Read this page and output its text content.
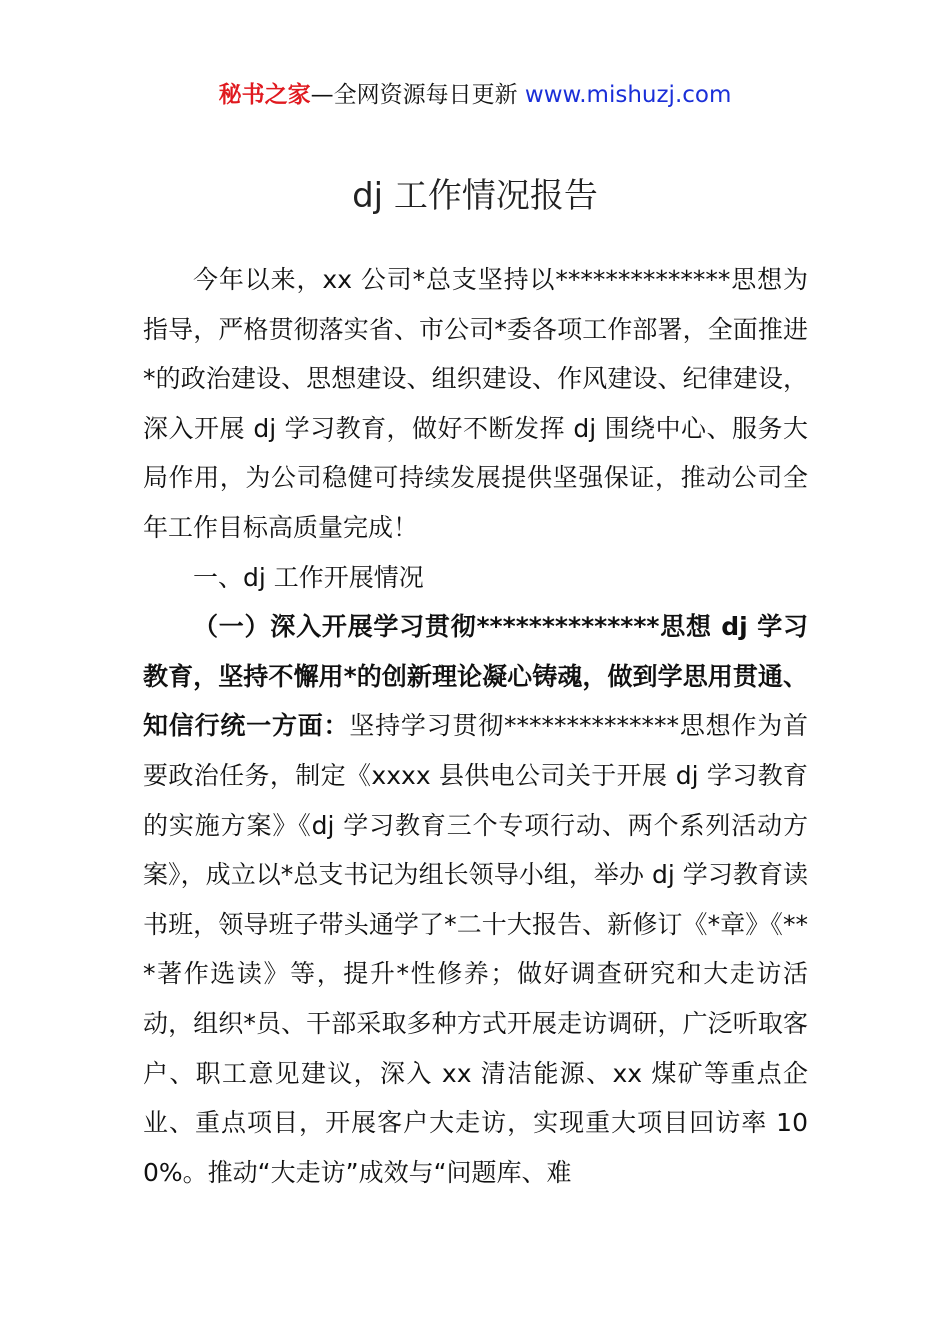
秘书之家—全网资源每日更新 www.mishuzj.com
dj 工作情况报告

今年以来，xx 公司*总支坚持以**************思想为指导，严格贯彻落实省、市公司*委各项工作部署，全面推进*的政治建设、思想建设、组织建设、作风建设、纪律建设，深入开展 dj 学习教育，做好不断发挥 dj 围绕中心、服务大局作用，为公司稳健可持续发展提供坚强保证，推动公司全年工作目标高质量完成！

一、dj 工作开展情况

（一）深入开展学习贯彻**************思想 dj 学习教育，坚持不懈用*的创新理论凝心铸魂，做到学思用贯通、知信行统一方面：坚持学习贯彻**************思想作为首要政治任务，制定《xxxx 县供电公司关于开展 dj 学习教育的实施方案》《dj 学习教育三个专项行动、两个系列活动方案》，成立以*总支书记为组长领导小组，举办 dj 学习教育读书班，领导班子带头通学了*二十大报告、新修订《*章》《***著作选读》等，提升*性修养；做好调查研究和大走访活动，组织*员、干部采取多种方式开展走访调研，广泛听取客户、职工意见建议，深入 xx 清洁能源、xx 煤矿等重点企业、重点项目，开展客户大走访，实现重大项目回访率 100%。推动“大走访”成效与“问题库、难
